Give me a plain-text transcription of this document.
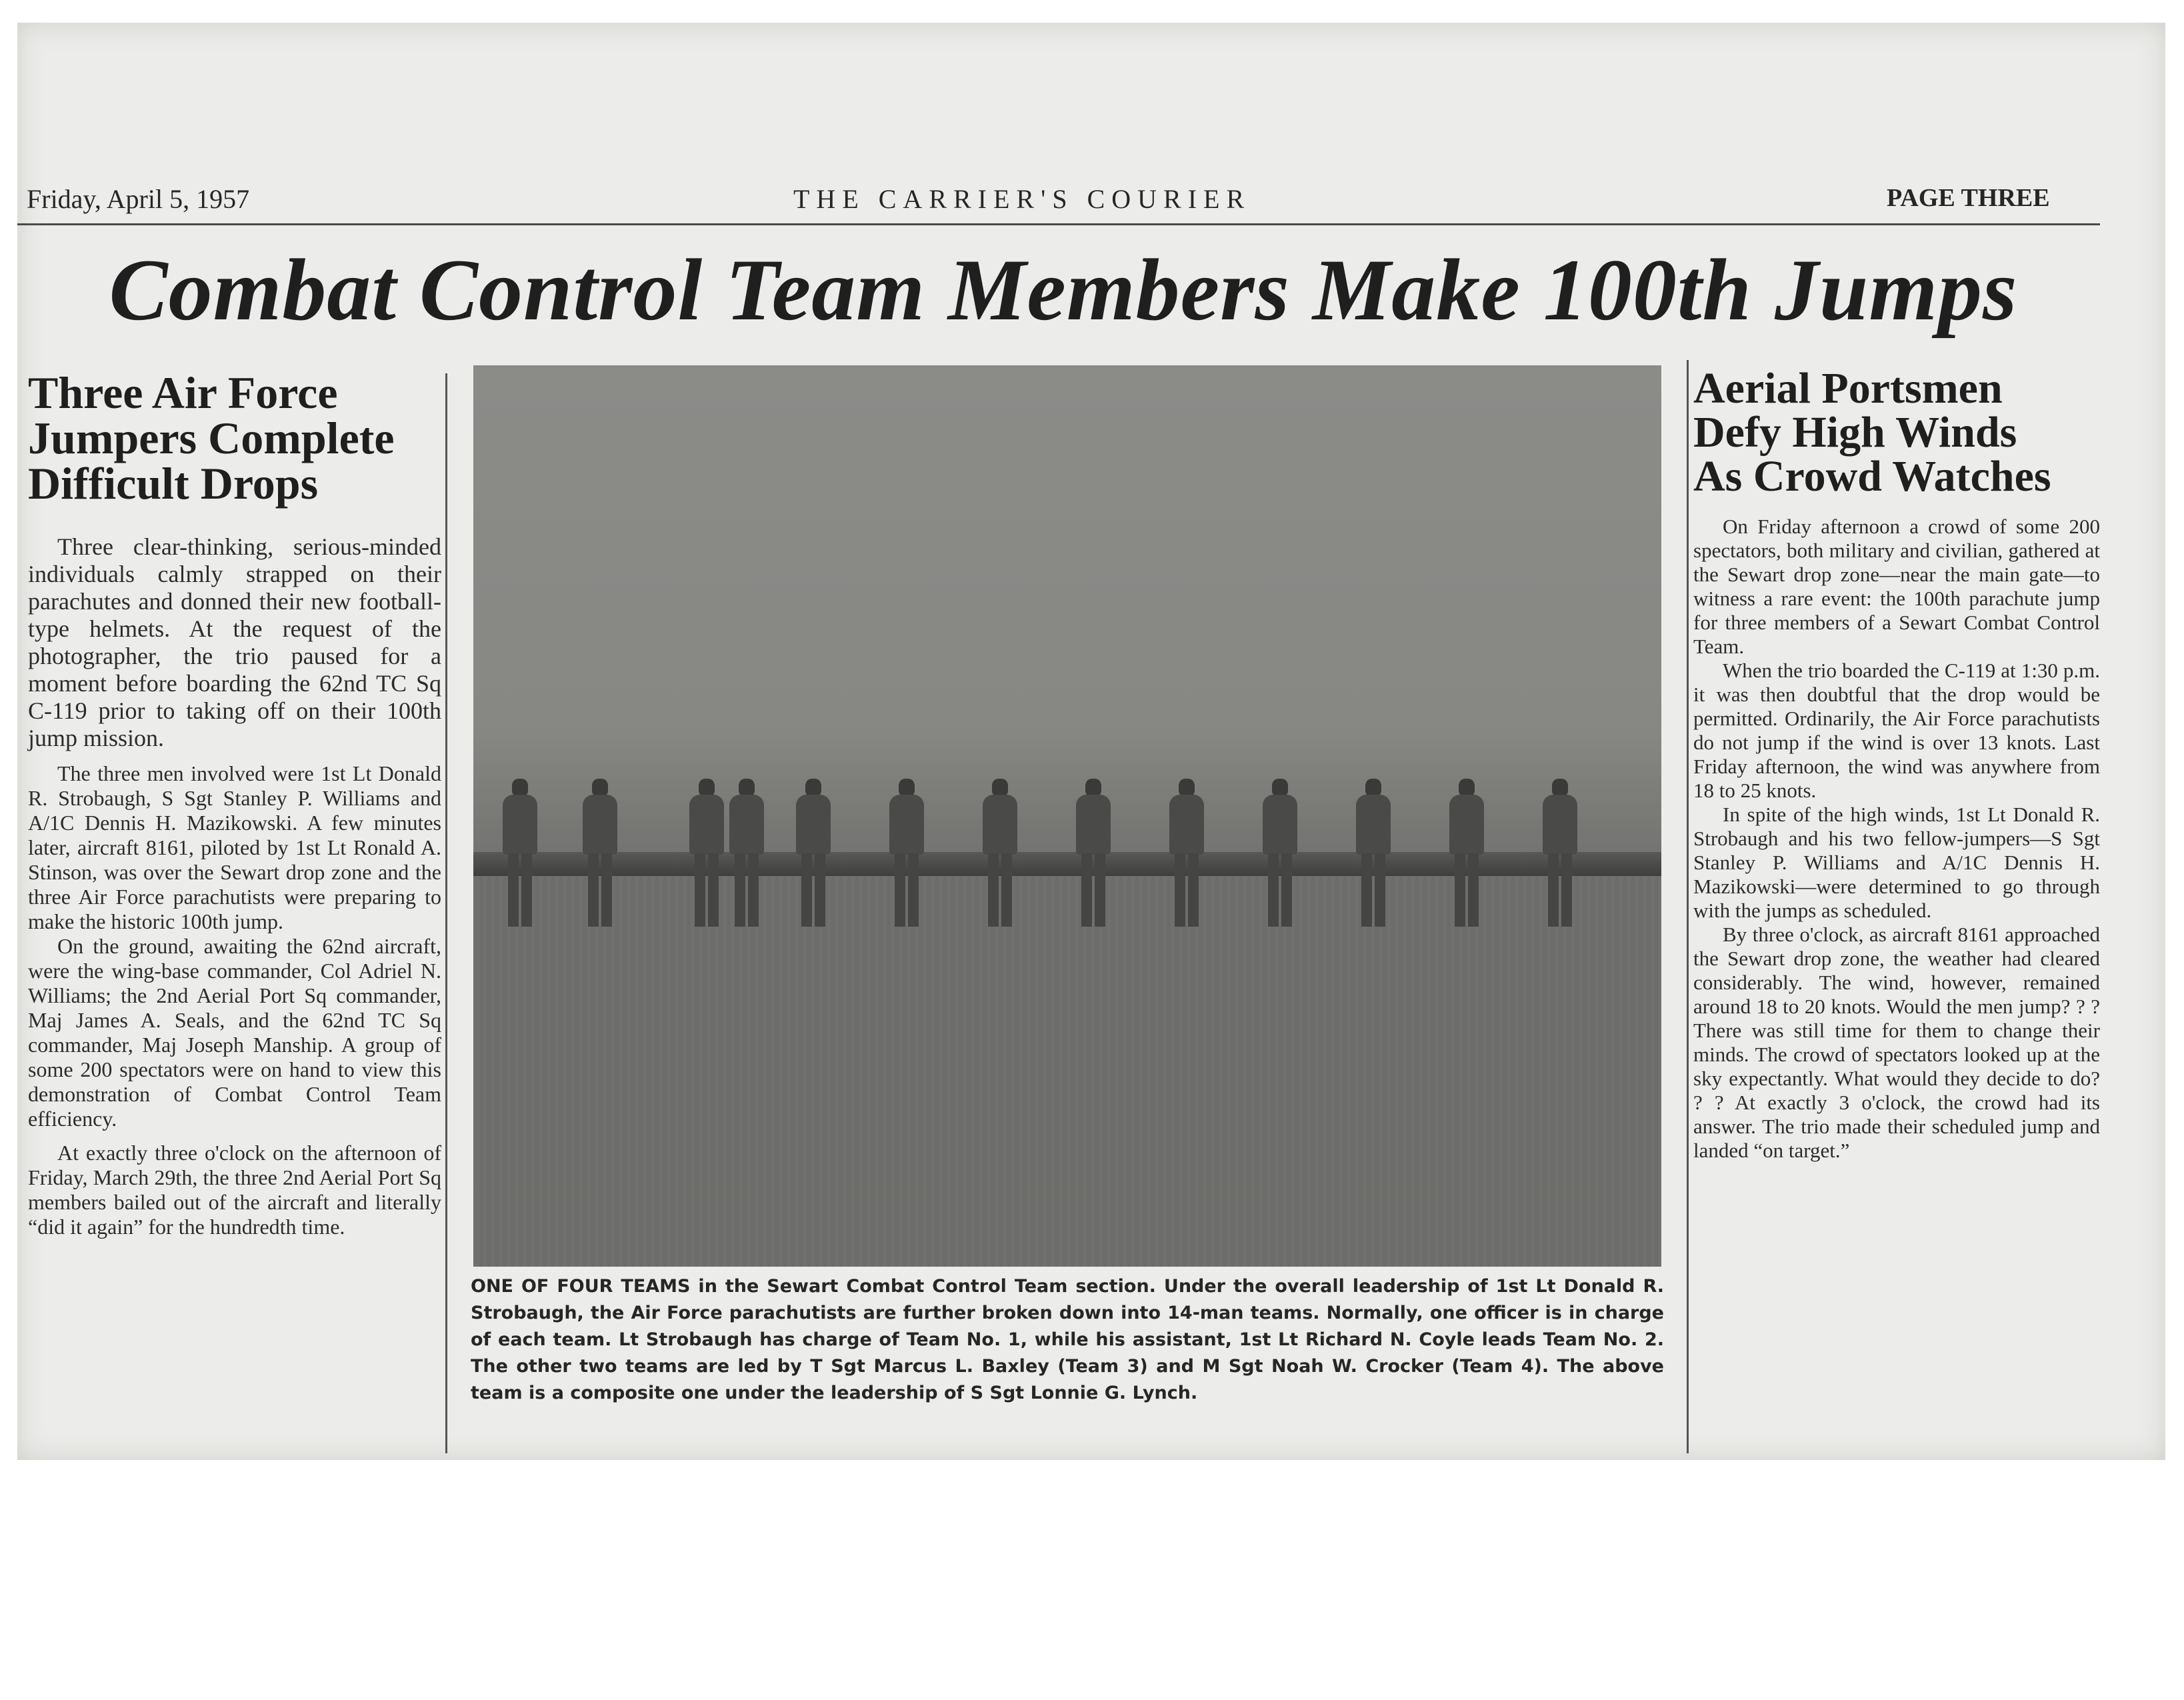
Friday, April 5, 1957	THE CARRIER'S COURIER	PAGE THREE
Combat Control Team Members Make 100th Jumps
Three Air Force
Jumpers Complete
Difficult Drops

Three clear-thinking, serious-minded individuals calmly strapped on their parachutes and donned their new football-type helmets. At the request of the photographer, the trio paused for a moment before boarding the 62nd TC Sq C-119 prior to taking off on their 100th jump mission.

The three men involved were 1st Lt Donald R. Strobaugh, S Sgt Stanley P. Williams and A/1C Dennis H. Mazikowski. A few minutes later, aircraft 8161, piloted by 1st Lt Ronald A. Stinson, was over the Sewart drop zone and the three Air Force parachutists were preparing to make the historic 100th jump.

On the ground, awaiting the 62nd aircraft, were the wing-base commander, Col Adriel N. Williams; the 2nd Aerial Port Sq commander, Maj James A. Seals, and the 62nd TC Sq commander, Maj Joseph Manship. A group of some 200 spectators were on hand to view this demonstration of Combat Control Team efficiency.

At exactly three o'clock on the afternoon of Friday, March 29th, the three 2nd Aerial Port Sq members bailed out of the aircraft and literally “did it again” for the hundredth time.

ONE OF FOUR TEAMS in the Sewart Combat Control Team section. Under the overall leadership of 1st Lt Donald R. Strobaugh, the Air Force parachutists are further broken down into 14-man teams. Normally, one officer is in charge of each team. Lt Strobaugh has charge of Team No. 1, while his assistant, 1st Lt Richard N. Coyle leads Team No. 2. The other two teams are led by T Sgt Marcus L. Baxley (Team 3) and M Sgt Noah W. Crocker (Team 4). The above team is a composite one under the leadership of S Sgt Lonnie G. Lynch.

Aerial Portsmen
Defy High Winds
As Crowd Watches

On Friday afternoon a crowd of some 200 spectators, both military and civilian, gathered at the Sewart drop zone—near the main gate—to witness a rare event: the 100th parachute jump for three members of a Sewart Combat Control Team.

When the trio boarded the C-119 at 1:30 p.m. it was then doubtful that the drop would be permitted. Ordinarily, the Air Force parachutists do not jump if the wind is over 13 knots. Last Friday afternoon, the wind was anywhere from 18 to 25 knots.

In spite of the high winds, 1st Lt Donald R. Strobaugh and his two fellow-jumpers—S Sgt Stanley P. Williams and A/1C Dennis H. Mazikowski—were determined to go through with the jumps as scheduled.

By three o'clock, as aircraft 8161 approached the Sewart drop zone, the weather had cleared considerably. The wind, however, remained around 18 to 20 knots. Would the men jump? ? ? There was still time for them to change their minds. The crowd of spectators looked up at the sky expectantly. What would they decide to do? ? ? At exactly 3 o'clock, the crowd had its answer. The trio made their scheduled jump and landed “on target.”
